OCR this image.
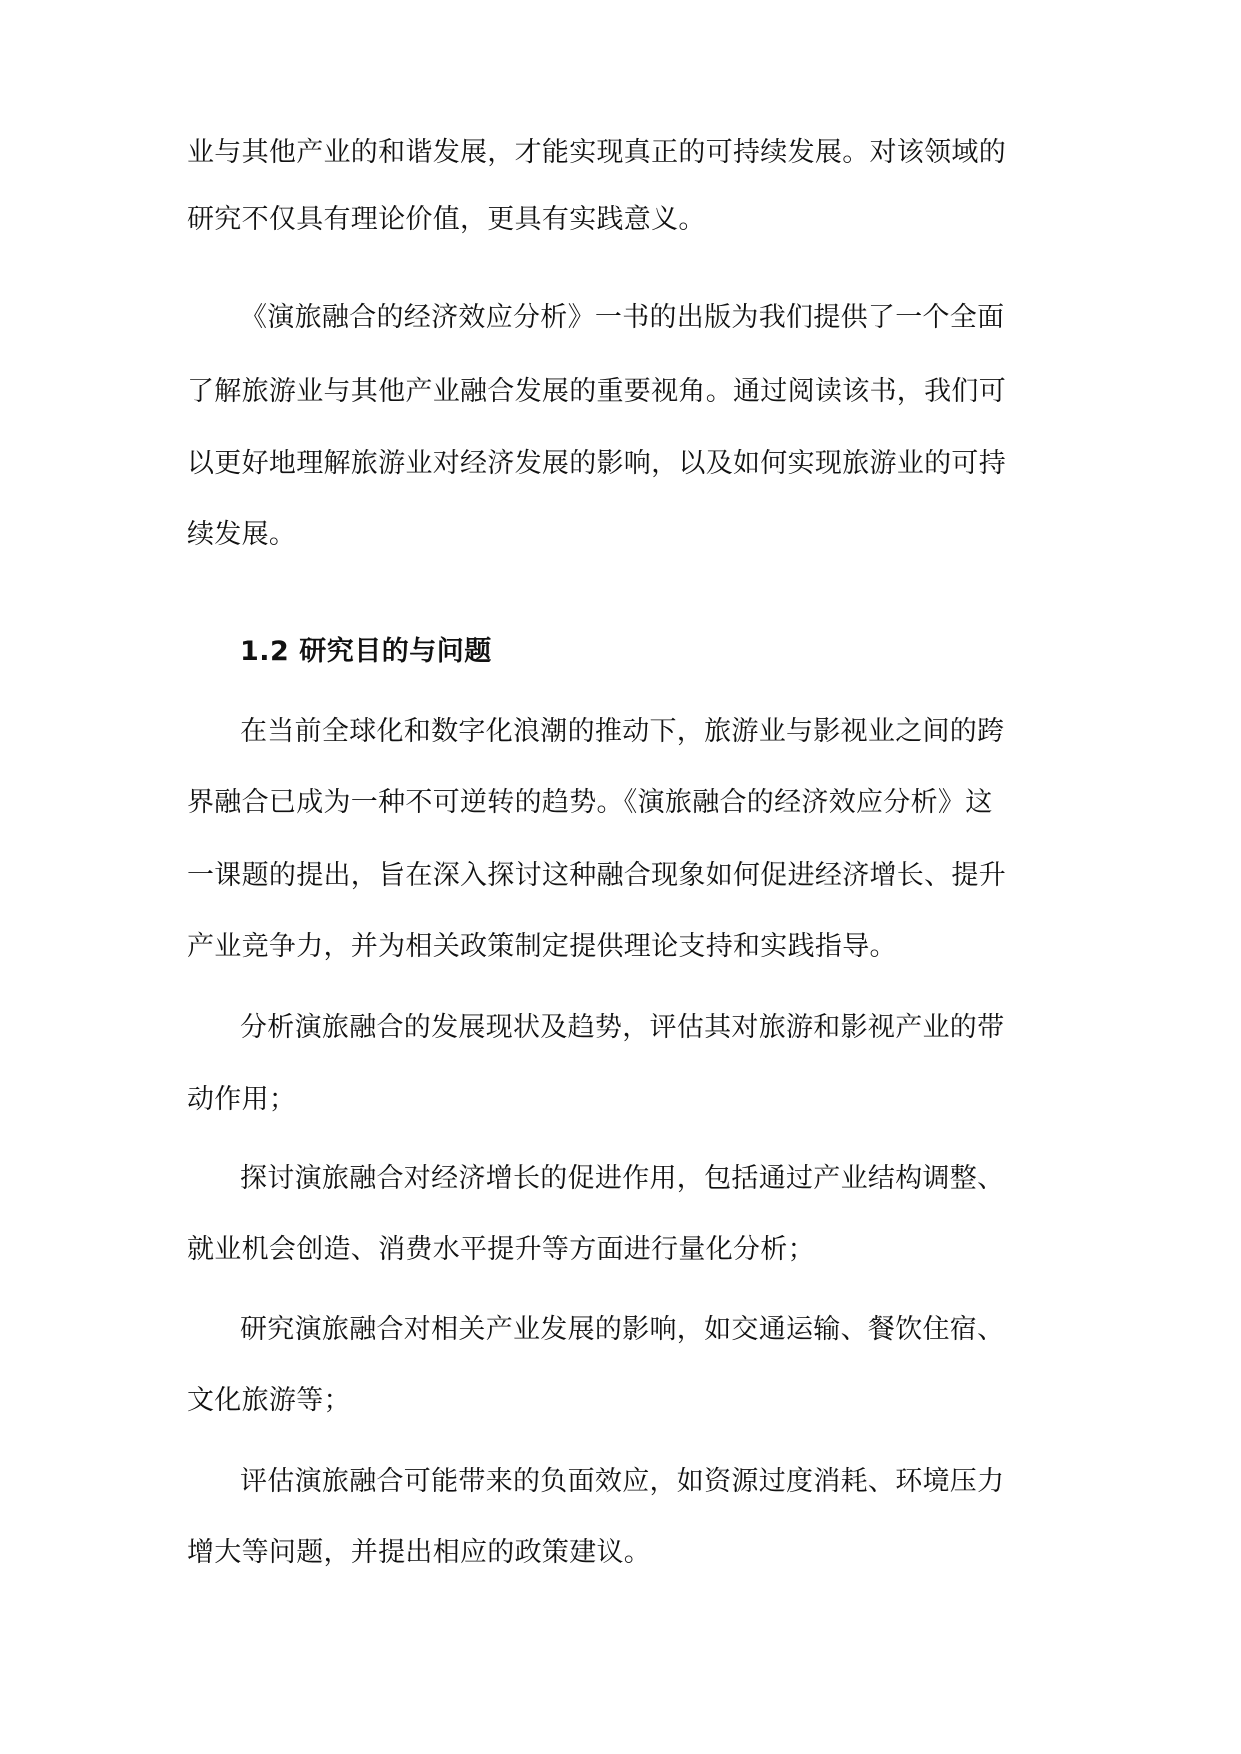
业与其他产业的和谐发展，才能实现真正的可持续发展。对该领域的

研究不仅具有理论价值，更具有实践意义。

《演旅融合的经济效应分析》一书的出版为我们提供了一个全面

了解旅游业与其他产业融合发展的重要视角。通过阅读该书，我们可

以更好地理解旅游业对经济发展的影响，以及如何实现旅游业的可持

续发展。

1.2 研究目的与问题

在当前全球化和数字化浪潮的推动下，旅游业与影视业之间的跨

界融合已成为一种不可逆转的趋势。《演旅融合的经济效应分析》这

一课题的提出，旨在深入探讨这种融合现象如何促进经济增长、提升

产业竞争力，并为相关政策制定提供理论支持和实践指导。

分析演旅融合的发展现状及趋势，评估其对旅游和影视产业的带

动作用；

探讨演旅融合对经济增长的促进作用，包括通过产业结构调整、

就业机会创造、消费水平提升等方面进行量化分析；

研究演旅融合对相关产业发展的影响，如交通运输、餐饮住宿、

文化旅游等；

评估演旅融合可能带来的负面效应，如资源过度消耗、环境压力

增大等问题，并提出相应的政策建议。
